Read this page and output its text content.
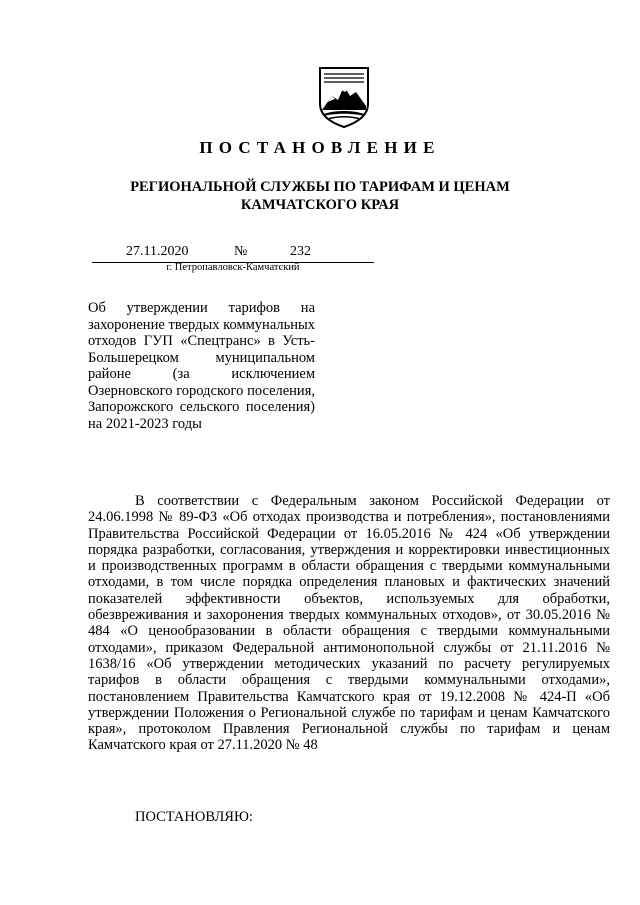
ПОСТАНОВЛЕНИЕ
РЕГИОНАЛЬНОЙ СЛУЖБЫ ПО ТАРИФАМ И ЦЕНАМ
КАМЧАТСКОГО КРАЯ
27.11.2020	№	232
г. Петропавловск-Камчатский
Об утверждении тарифов на захоронение твердых коммунальных отходов ГУП «Спецтранс» в Усть-Большерецком муниципальном районе (за исключением Озерновского городского поселения, Запорожского сельского поселения) на 2021-2023 годы

В соответствии с Федеральным законом Российской Федерации от 24.06.1998 № 89-ФЗ «Об отходах производства и потребления», постановлениями Правительства Российской Федерации от 16.05.2016 № 424 «Об утверждении порядка разработки, согласования, утверждения и корректировки инвестиционных и производственных программ в области обращения с твердыми коммунальными отходами, в том числе порядка определения плановых и фактических значений показателей эффективности объектов, используемых для обработки, обезвреживания и захоронения твердых коммунальных отходов», от 30.05.2016 № 484 «О ценообразовании в области обращения с твердыми коммунальными отходами», приказом Федеральной антимонопольной службы от 21.11.2016 № 1638/16 «Об утверждении методических указаний по расчету регулируемых тарифов в области обращения с твердыми коммунальными отходами», постановлением Правительства Камчатского края от 19.12.2008 № 424-П «Об утверждении Положения о Региональной службе по тарифам и ценам Камчатского края», протоколом Правления Региональной службы по тарифам и ценам Камчатского края от 27.11.2020 № 48

ПОСТАНОВЛЯЮ:
